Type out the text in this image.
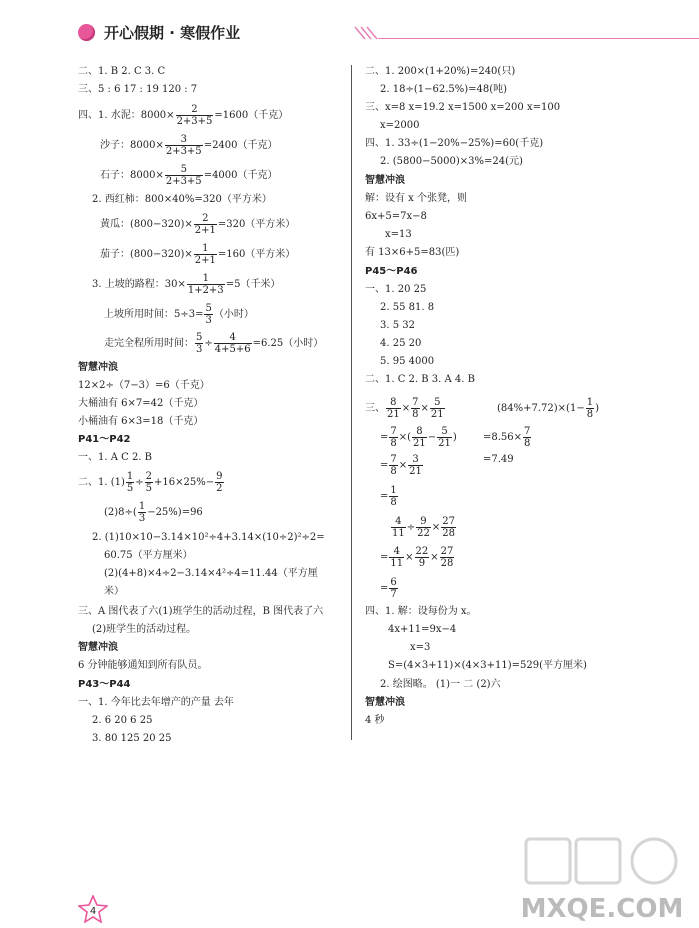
开心假期 · 寒假作业
二、1. B 2. C 3. C
三、5 : 6 17 : 19 120 : 7
四、1. 水泥：$8000\times \frac{2}{2+3+5} =1600$（千克）
沙子：$8000\times \frac{3}{2+3+5} =2400$（千克）
石子：$8000\times \frac{5}{2+3+5} =4000$（千克）
2. 西红柿：800×40%=320（平方米）
黄瓜：$(800-320)\times \frac{2}{2+1} =320$（平方米）
茄子：$(800-320)\times \frac{1}{2+1} =160$（平方米）
3. 上坡的路程：$30\times \frac{1}{1+2+3} =5$（千米）
上坡所用时间：$5\div 3= \frac{5}{3}$ （小时）
走完全程所用时间： $\frac{5}{3} \div \frac{4}{4+5+6} =6.25$（小时）
智慧冲浪
12×2÷（7−3）=6（千克）
大桶油有 6×7=42（千克）
小桶油有 6×3=18（千克）
P41～P42
一、1. A C 2. B
二、1. $(1) \frac{1}{5} \div \frac{2}{5} +16\times 25\%- \frac{9}{2}$
$(2)8\div( \frac{1}{3} -25\%)=96$
2. (1)10×10−3.14×10²÷4+3.14×(10÷2)²÷2=
60.75（平方厘米）
(2)(4+8)×4÷2−3.14×4²÷4=11.44（平方厘
米）
三、A 图代表了六(1)班学生的活动过程，B 图代表了六
(2)班学生的活动过程。
智慧冲浪
6 分钟能够通知到所有队员。
P43～P44
一、1. 今年比去年增产的产量 去年
2. 6 20 6 25
3. 80 125 20 25
二、1. 200×(1+20%)=240(只)
2. 18÷(1−62.5%)=48(吨)
三、x=8 x=19.2 x=1500 x=200 x=100
x=2000
四、1. 33÷(1−20%−25%)=60(千克)
2. (5800−5000)×3%=24(元)
智慧冲浪
解：设有 x 个张凳，则
6x+5=7x−8
x=13
有 13×6+5=83(匹)
P45～P46
一、1. 20 25
2. 55 81. 8
3. 5 32
4. 25 20
5. 95 4000
二、1. C 2. B 3. A 4. B
三、 $\frac{8}{21} \times \frac{7}{8} \times \frac{5}{21}$	$(84\%+7.72)\times(1- \frac{1}{8}$ )
= $\frac{7}{8}$ ×( $\frac{8}{21} - \frac{5}{21}$ )	$=8.56\times \frac{7}{8}$
= $\frac{7}{8} \times \frac{3}{21}$	=7.49
= $\frac{1}{8}$
$\frac{4}{11} \div \frac{9}{22} \times \frac{27}{28}$
= $\frac{4}{11} \times \frac{22}{9} \times \frac{27}{28}$
= $\frac{6}{7}$
四、1. 解：设每份为 x。
4x+11=9x−4
x=3
S=(4×3+11)×(4×3+11)=529(平方厘米)
2. 绘图略。 (1)一 二 (2)六
智慧冲浪
4 秒
4	MXQE.COM
